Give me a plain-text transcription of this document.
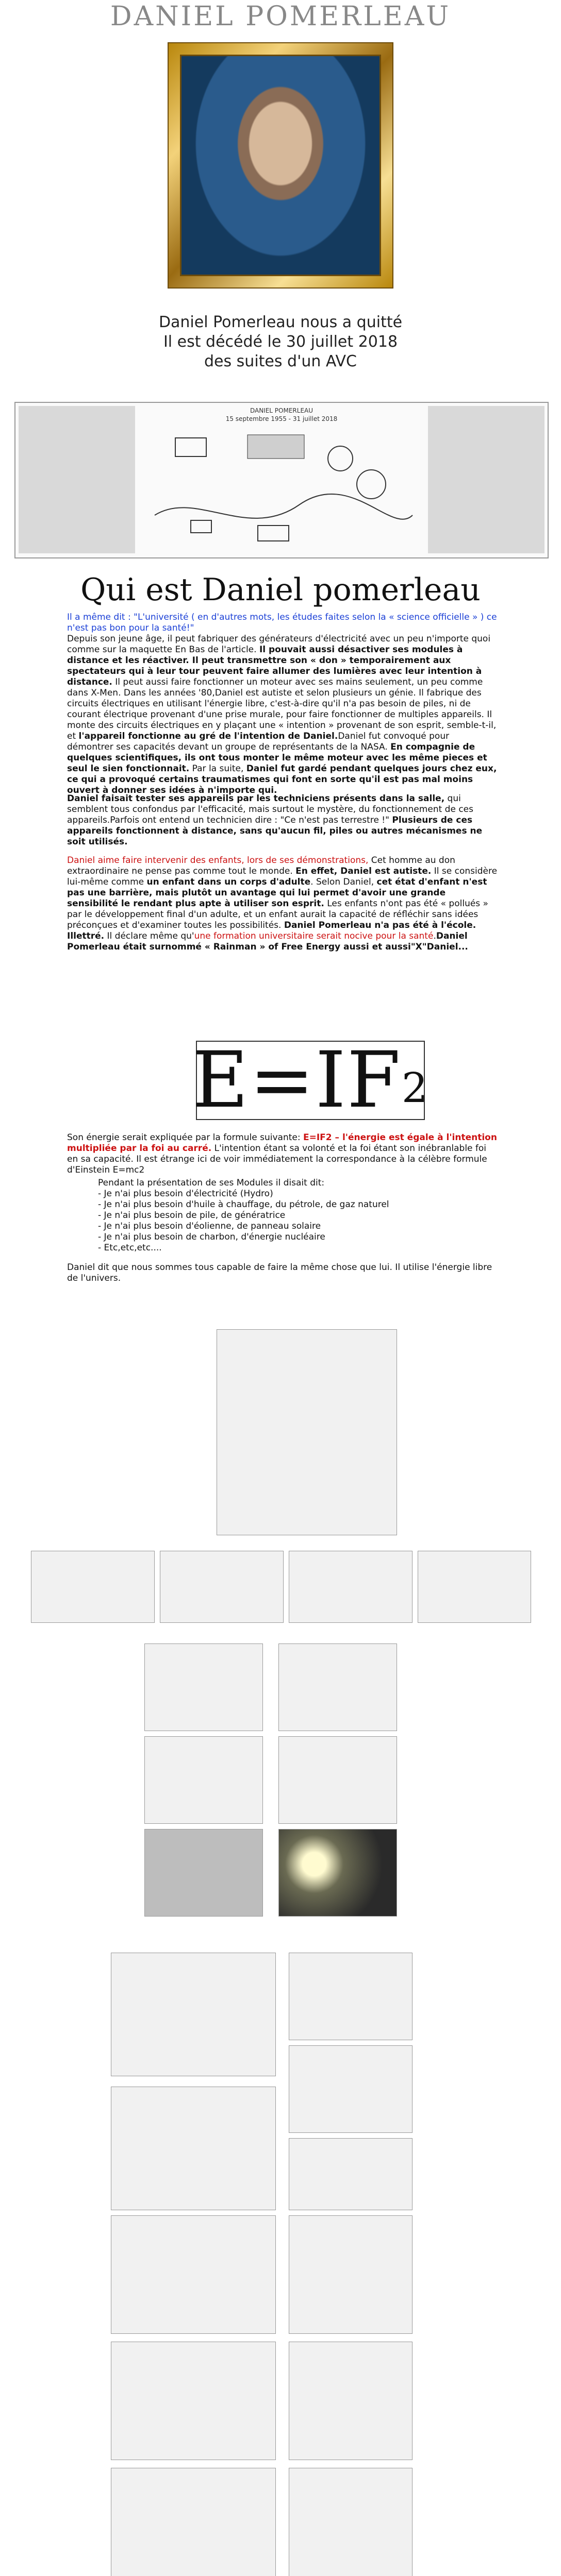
DANIEL POMERLEAU
Daniel Pomerleau nous a quitté
Il est décédé le 30 juillet 2018
des suites d'un AVC
DANIEL POMERLEAU
15 septembre 1955 - 31 juillet 2018
Qui est Daniel pomerleau
Il a même dit : "L'université ( en d'autres mots, les études faites selon la « science officielle » ) ce n'est pas bon pour la santé!"
Depuis son jeune âge, il peut fabriquer des générateurs d'électricité avec un peu n'importe quoi comme sur la maquette En Bas de l'article. Il pouvait aussi désactiver ses modules à distance et les réactiver. Il peut transmettre son « don » temporairement aux spectateurs qui à leur tour peuvent faire allumer des lumières avec leur intention à distance. Il peut aussi faire fonctionner un moteur avec ses mains seulement, un peu comme dans X-Men. Dans les années '80,Daniel est autiste et selon plusieurs un génie. Il fabrique des circuits électriques en utilisant l'énergie libre, c'est-à-dire qu'il n'a pas besoin de piles, ni de courant électrique provenant d'une prise murale, pour faire fonctionner de multiples appareils. Il monte des circuits électriques en y plaçant une « intention » provenant de son esprit, semble-t-il, et l'appareil fonctionne au gré de l'intention de Daniel.Daniel fut convoqué pour démontrer ses capacités devant un groupe de représentants de la NASA. En compagnie de quelques scientifiques, ils ont tous monter le même moteur avec les même pieces et seul le sien fonctionnait. Par la suite, Daniel fut gardé pendant quelques jours chez eux, ce qui a provoqué certains traumatismes qui font en sorte qu'il est pas mal moins ouvert à donner ses idées à n'importe qui.
Daniel faisait tester ses appareils par les techniciens présents dans la salle, qui semblent tous confondus par l'efficacité, mais surtout le mystère, du fonctionnement de ces appareils.Parfois ont entend un technicien dire : "Ce n'est pas terrestre !" Plusieurs de ces appareils fonctionnent à distance, sans qu'aucun fil, piles ou autres mécanismes ne soit utilisés.
Daniel aime faire intervenir des enfants, lors de ses démonstrations, Cet homme au don extraordinaire ne pense pas comme tout le monde. En effet, Daniel est autiste. Il se considère lui-même comme un enfant dans un corps d'adulte. Selon Daniel, cet état d'enfant n'est pas une barrière, mais plutôt un avantage qui lui permet d'avoir une grande sensibilité le rendant plus apte à utiliser son esprit. Les enfants n'ont pas été « pollués » par le développement final d'un adulte, et un enfant aurait la capacité de réfléchir sans idées préconçues et d'examiner toutes les possibilités. Daniel Pomerleau n'a pas été à l'école. Illettré. Il déclare même qu'une formation universitaire serait nocive pour la santé.Daniel Pomerleau était surnommé « Rainman » of Free Energy aussi et aussi"X"Daniel...
E=IF 2
Son énergie serait expliquée par la formule suivante: E=IF2 – l'énergie est égale à l'intention multipliée par la foi au carré. L'intention étant sa volonté et la foi étant son inébranlable foi en sa capacité. Il est étrange ici de voir immédiatement la correspondance à la célèbre formule d'Einstein E=mc2
Pendant la présentation de ses Modules il disait dit:
- Je n'ai plus besoin d'électricité (Hydro)
- Je n'ai plus besoin d'huile à chauffage, du pétrole, de gaz naturel
- Je n'ai plus besoin de pile, de génératrice
- Je n'ai plus besoin d'éolienne, de panneau solaire
- Je n'ai plus besoin de charbon, d'énergie nucléaire
- Etc,etc,etc....
Daniel dit que nous sommes tous capable de faire la même chose que lui. Il utilise l'énergie libre de l'univers.
